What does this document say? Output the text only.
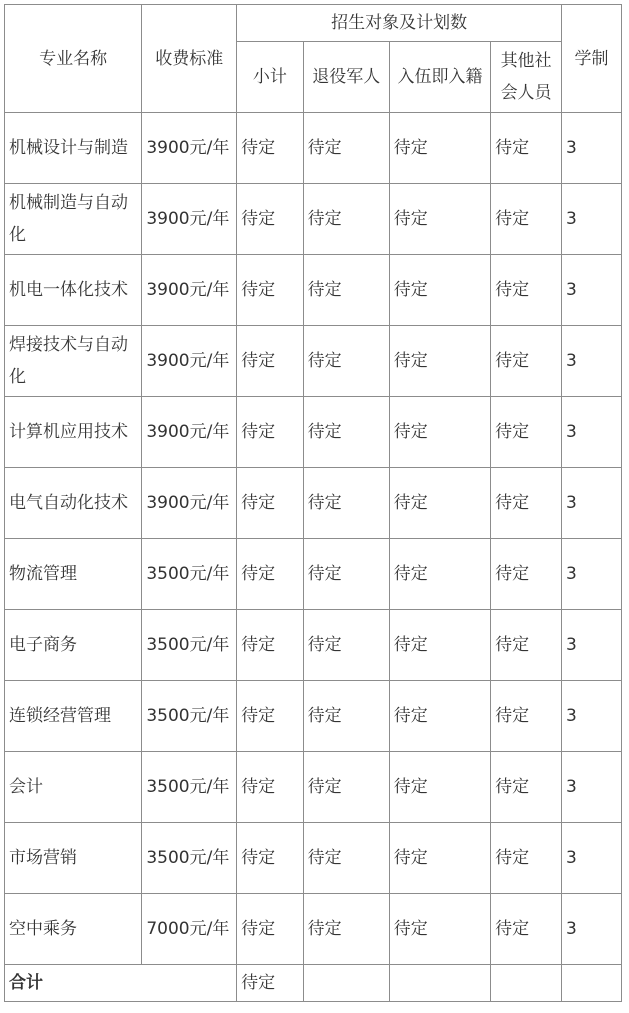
专业名称	收费标准	招生对象及计划数				学制
		小计	退役军人	入伍即入籍	其他社会人员	
机械设计与制造	3900元/年	待定	待定	待定	待定	3
机械制造与自动化	3900元/年	待定	待定	待定	待定	3
机电一体化技术	3900元/年	待定	待定	待定	待定	3
焊接技术与自动化	3900元/年	待定	待定	待定	待定	3
计算机应用技术	3900元/年	待定	待定	待定	待定	3
电气自动化技术	3900元/年	待定	待定	待定	待定	3
物流管理	3500元/年	待定	待定	待定	待定	3
电子商务	3500元/年	待定	待定	待定	待定	3
连锁经营管理	3500元/年	待定	待定	待定	待定	3
会计	3500元/年	待定	待定	待定	待定	3
市场营销	3500元/年	待定	待定	待定	待定	3
空中乘务	7000元/年	待定	待定	待定	待定	3
合计		待定				
